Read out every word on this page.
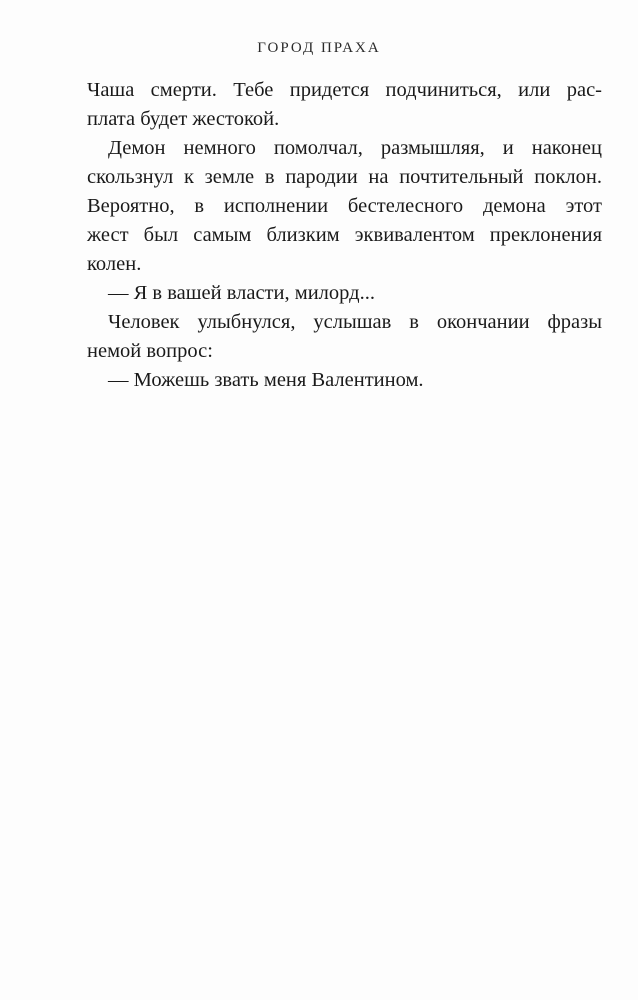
ГОРОД ПРАХА

Чаша смерти. Тебе придется подчиниться, или рас-
плата будет жестокой.

Демон немного помолчал, размышляя, и наконец
скользнул к земле в пародии на почтительный поклон.
Вероятно, в исполнении бестелесного демона этот
жест был самым близким эквивалентом преклонения
колен.

— Я в вашей власти, милорд...

Человек улыбнулся, услышав в окончании фразы
немой вопрос:

— Можешь звать меня Валентином.
